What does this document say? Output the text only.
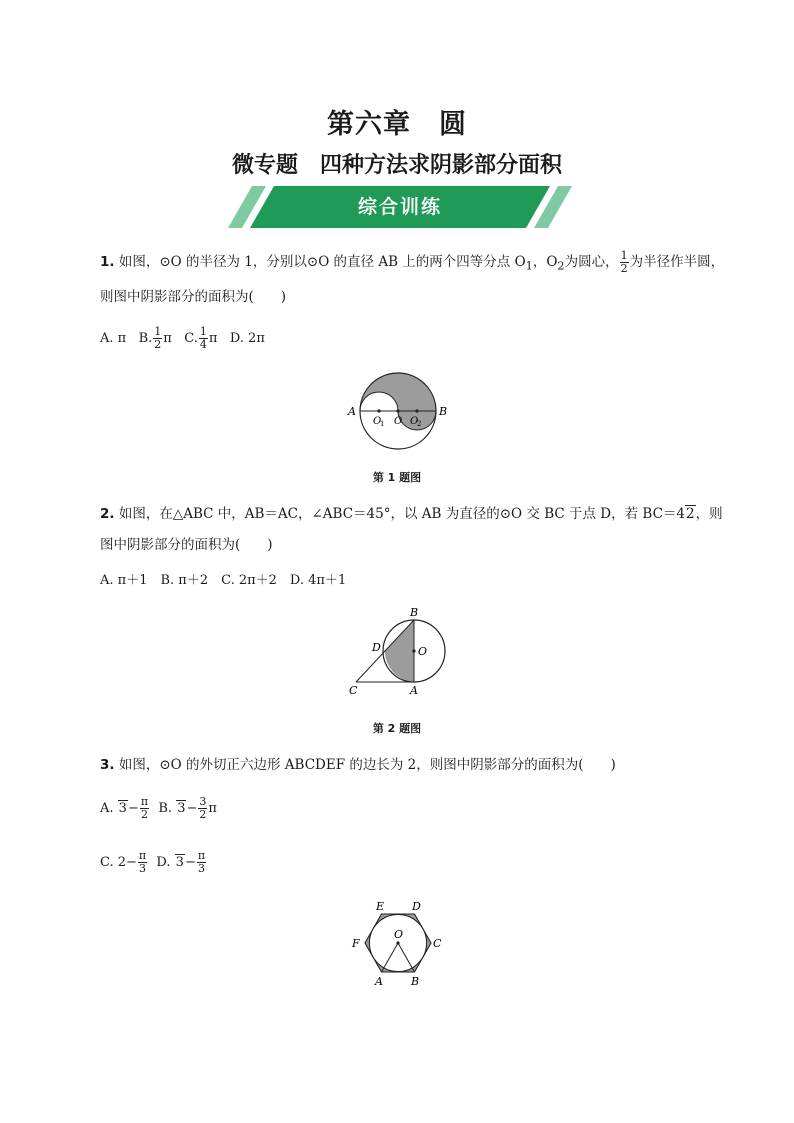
第六章　圆
微专题　四种方法求阴影部分面积
综合训练
1. 如图，⊙O 的半径为 1，分别以⊙O 的直径 AB 上的两个四等分点 $O_1$，$O_2$为圆心， $\frac{1}{2}$ 为半径作半圆，
则图中阴影部分的面积为(　　)
A. π B. $\frac{1}{2}$ π C. $\frac{1}{4}$ π D. 2π
A	B
O
1 O O
2
第 1 题图
2. 如图，在△ABC 中，AB＝AC，∠ABC＝45°，以 AB 为直径的⊙O 交 BC 于点 D，若 BC＝42，则
图中阴影部分的面积为(　　)
A. π＋1　B. π＋2　C. 2π＋2　D. 4π＋1
B
D	O
C	A
第 2 题图
3. 如图，⊙O 的外切正六边形 ABCDEF 的边长为 2，则图中阴影部分的面积为(　　)
A. $3- \frac{\pi}{2} B$. $3- \frac{3}{2}$ π
C. $2- \frac{\pi}{3} D$. $3- \frac{\pi}{3}$
E	D
F
O
C
A	B
